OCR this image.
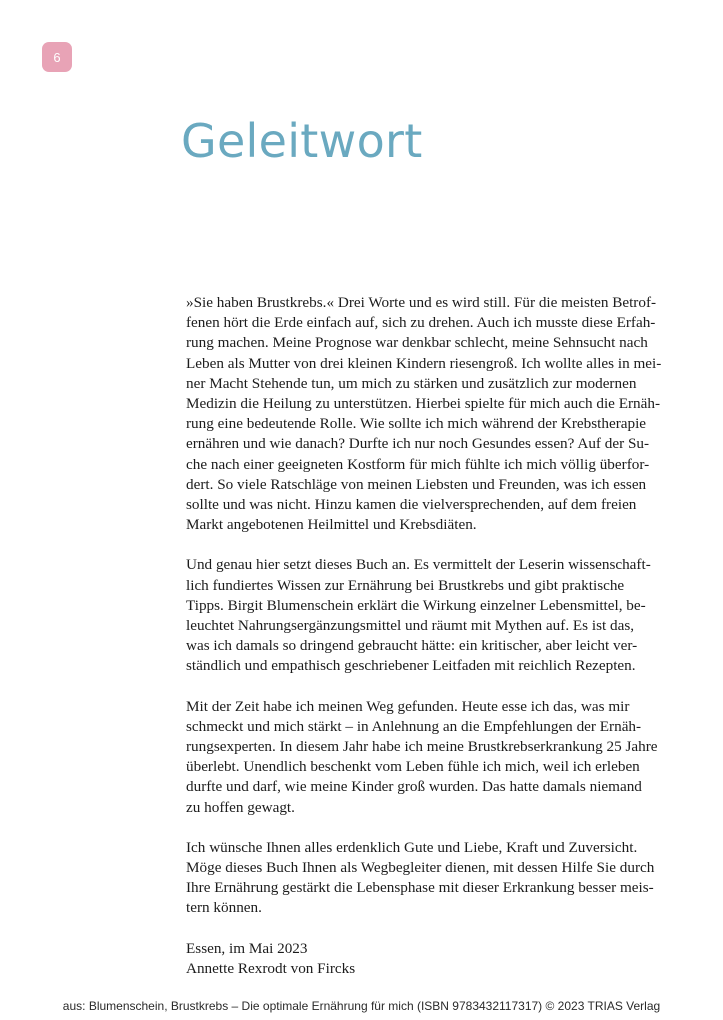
6
Geleitwort

»Sie haben Brustkrebs.« Drei Worte und es wird still. Für die meisten Betrof-
fenen hört die Erde einfach auf, sich zu drehen. Auch ich musste diese Erfah-
rung machen. Meine Prognose war denkbar schlecht, meine Sehnsucht nach
Leben als Mutter von drei kleinen Kindern riesengroß. Ich wollte alles in mei-
ner Macht Stehende tun, um mich zu stärken und zusätzlich zur modernen
Medizin die Heilung zu unterstützen. Hierbei spielte für mich auch die Ernäh-
rung eine bedeutende Rolle. Wie sollte ich mich während der Krebstherapie
ernähren und wie danach? Durfte ich nur noch Gesundes essen? Auf der Su-
che nach einer geeigneten Kostform für mich fühlte ich mich völlig überfor-
dert. So viele Ratschläge von meinen Liebsten und Freunden, was ich essen
sollte und was nicht. Hinzu kamen die vielversprechenden, auf dem freien
Markt angebotenen Heilmittel und Krebsdiäten.

Und genau hier setzt dieses Buch an. Es vermittelt der Leserin wissenschaft-
lich fundiertes Wissen zur Ernährung bei Brustkrebs und gibt praktische
Tipps. Birgit Blumenschein erklärt die Wirkung einzelner Lebensmittel, be-
leuchtet Nahrungsergänzungsmittel und räumt mit Mythen auf. Es ist das,
was ich damals so dringend gebraucht hätte: ein kritischer, aber leicht ver-
ständlich und empathisch geschriebener Leitfaden mit reichlich Rezepten.

Mit der Zeit habe ich meinen Weg gefunden. Heute esse ich das, was mir
schmeckt und mich stärkt – in Anlehnung an die Empfehlungen der Ernäh-
rungsexperten. In diesem Jahr habe ich meine Brustkrebserkrankung 25 Jahre
überlebt. Unendlich beschenkt vom Leben fühle ich mich, weil ich erleben
durfte und darf, wie meine Kinder groß wurden. Das hatte damals niemand
zu hoffen gewagt.

Ich wünsche Ihnen alles erdenklich Gute und Liebe, Kraft und Zuversicht.
Möge dieses Buch Ihnen als Wegbegleiter dienen, mit dessen Hilfe Sie durch
Ihre Ernährung gestärkt die Lebensphase mit dieser Erkrankung besser meis-
tern können.

Essen, im Mai 2023
Annette Rexrodt von Fircks

aus: Blumenschein, Brustkrebs – Die optimale Ernährung für mich (ISBN 9783432117317) © 2023 TRIAS Verlag
